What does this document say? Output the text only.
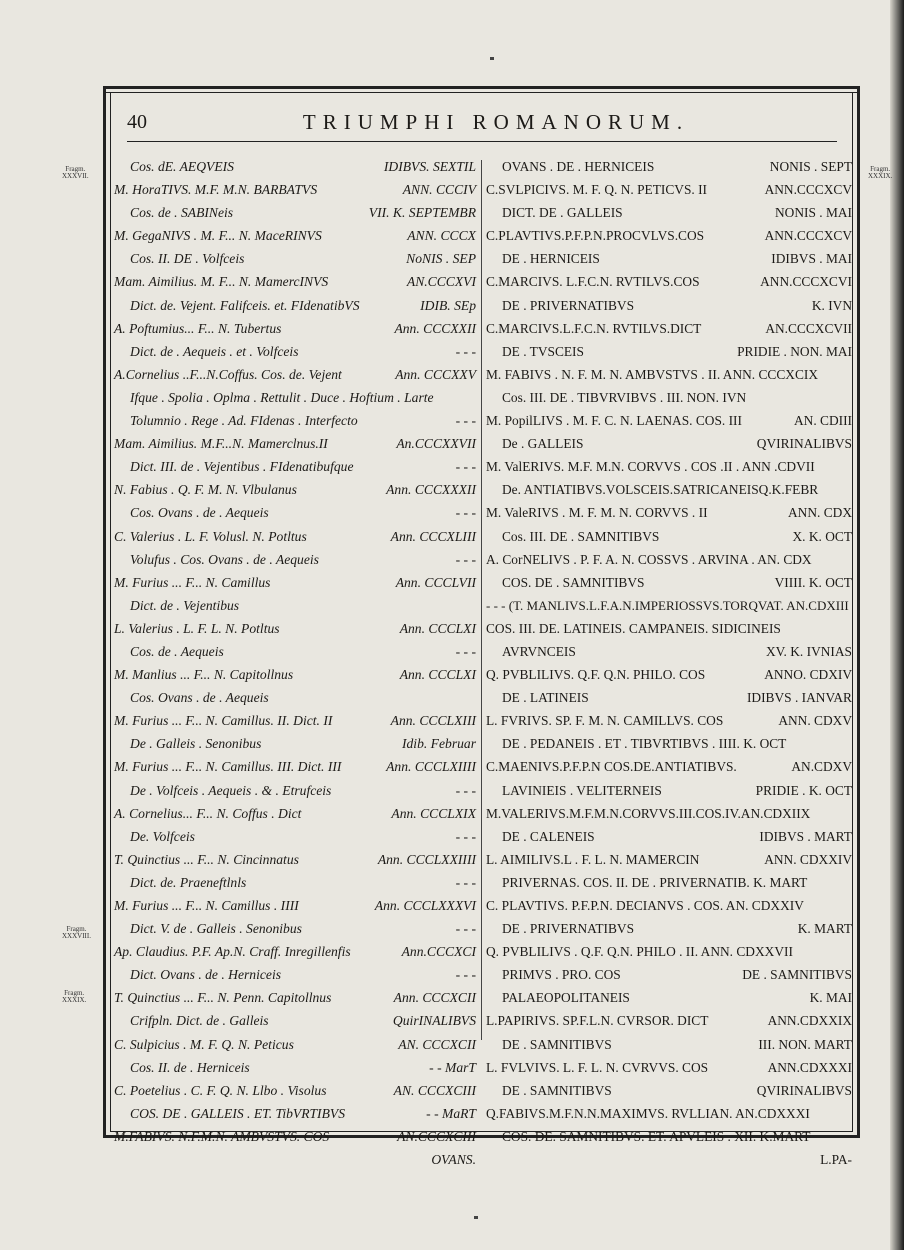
Fragm.
XXXVII.
Fragm.
XXXVIII.
Fragm.
XXXIX.
Fragm.
XXXIX.
40	TRIUMPHI ROMANORUM.
Cos. dE. AEQVEIS	IDIBVS. SEXTIL
M. HoraTIVS. M.F. M.N. BARBATVS	ANN. CCCIV
Cos. de . SABINeis	VII. K. SEPTEMBR
M. GegaNIVS . M. F... N. MaceRINVS	ANN. CCCX
Cos. II. DE . Volfceis	NoNIS . SEP
Mam. Aimilius. M. F... N. MamercINVS	AN.CCCXVI
Dict. de. Vejent. Falifceis. et. FIdenatibVS	IDIB. SEp
A. Poftumius... F... N. Tubertus	Ann. CCCXXII
Dict. de . Aequeis . et . Volfceis	- - -
A.Cornelius ..F...N.Coffus. Cos. de. Vejent	Ann. CCCXXV
Ifque . Spolia . Oplma . Rettulit . Duce . Hoftium . Larte
Tolumnio . Rege . Ad. FIdenas . Interfecto	- - -
Mam. Aimilius. M.F...N. Mamerclnus.II	An.CCCXXVII
Dict. III. de . Vejentibus . FIdenatibufque	- - -
N. Fabius . Q. F. M. N. Vlbulanus	Ann. CCCXXXII
Cos. Ovans . de . Aequeis	- - -
C. Valerius . L. F. Volusl. N. Potltus	Ann. CCCXLIII
Volufus . Cos. Ovans . de . Aequeis	- - -
M. Furius ... F... N. Camillus	Ann. CCCLVII
Dict. de . Vejentibus
L. Valerius . L. F. L. N. Potltus	Ann. CCCLXI
Cos. de . Aequeis	- - -
M. Manlius ... F... N. Capitollnus	Ann. CCCLXI
Cos. Ovans . de . Aequeis
M. Furius ... F... N. Camillus. II. Dict. II	Ann. CCCLXIII
De . Galleis . Senonibus	Idib. Februar
M. Furius ... F... N. Camillus. III. Dict. III	Ann. CCCLXIIII
De . Volfceis . Aequeis . & . Etrufceis	- - -
A. Cornelius... F... N. Coffus . Dict	Ann. CCCLXIX
De. Volfceis	- - -
T. Quinctius ... F... N. Cincinnatus	Ann. CCCLXXIIII
Dict. de. Praeneftlnls	- - -
M. Furius ... F... N. Camillus . IIII	Ann. CCCLXXXVI
Dict. V. de . Galleis . Senonibus	- - -
Ap. Claudius. P.F. Ap.N. Craff. Inregillenfis	Ann.CCCXCI
Dict. Ovans . de . Herniceis	- - -
T. Quinctius ... F... N. Penn. Capitollnus	Ann. CCCXCII
Crifpln. Dict. de . Galleis	QuirINALIBVS
C. Sulpicius . M. F. Q. N. Peticus	AN. CCCXCII
Cos. II. de . Herniceis	- - MarT
C. Poetelius . C. F. Q. N. Llbo . Visolus	AN. CCCXCIII
COS. DE . GALLEIS . ET. TibVRTIBVS	- - MaRT
M.FABIVS. N.F.M.N. AMBVSTVS. COS	AN.CCCXCIII
OVANS.
OVANS . DE . HERNICEIS	NONIS . SEPT
C.SVLPICIVS. M. F. Q. N. PETICVS. II	ANN.CCCXCV
DICT. DE . GALLEIS	NONIS . MAI
C.PLAVTIVS.P.F.P.N.PROCVLVS.COS	ANN.CCCXCV
DE . HERNICEIS	IDIBVS . MAI
C.MARCIVS. L.F.C.N. RVTILVS.COS	ANN.CCCXCVI
DE . PRIVERNATIBVS	K. IVN
C.MARCIVS.L.F.C.N. RVTILVS.DICT	AN.CCCXCVII
DE . TVSCEIS	PRIDIE . NON. MAI
M. FABIVS . N. F. M. N. AMBVSTVS . II. ANN. CCCXCIX
Cos. III. DE . TIBVRVIBVS . III. NON. IVN
M. PopilLIVS . M. F. C. N. LAENAS. COS. III	AN. CDIII
De . GALLEIS	QVIRINALIBVS
M. ValERIVS. M.F. M.N. CORVVS . COS .II . ANN .CDVII
De. ANTIATIBVS.VOLSCEIS.SATRICANEISQ.K.FEBR
M. ValeRIVS . M. F. M. N. CORVVS . II	ANN. CDX
Cos. III. DE . SAMNITIBVS	X. K. OCT
A. CorNELIVS . P. F. A. N. COSSVS . ARVINA . AN. CDX
COS. DE . SAMNITIBVS	VIIII. K. OCT
- - - (T. MANLIVS.L.F.A.N.IMPERIOSSVS.TORQVAT. AN.CDXIII
COS. III. DE. LATINEIS. CAMPANEIS. SIDICINEIS
AVRVNCEIS	XV. K. IVNIAS
Q. PVBLILIVS. Q.F. Q.N. PHILO. COS	ANNO. CDXIV
DE . LATINEIS	IDIBVS . IANVAR
L. FVRIVS. SP. F. M. N. CAMILLVS. COS	ANN. CDXV
DE . PEDANEIS . ET . TIBVRTIBVS . IIII. K. OCT
C.MAENIVS.P.F.P.N COS.DE.ANTIATIBVS.	AN.CDXV
LAVINIEIS . VELITERNEIS	PRIDIE . K. OCT
M.VALERIVS.M.F.M.N.CORVVS.III.COS.IV.AN.CDXIIX
DE . CALENEIS	IDIBVS . MART
L. AIMILIVS.L . F. L. N. MAMERCIN	ANN. CDXXIV
PRIVERNAS. COS. II. DE . PRIVERNATIB. K. MART
C. PLAVTIVS. P.F.P.N. DECIANVS . COS. AN. CDXXIV
DE . PRIVERNATIBVS	K. MART
Q. PVBLILIVS . Q.F. Q.N. PHILO . II. ANN. CDXXVII
PRIMVS . PRO. COS	DE . SAMNITIBVS
PALAEOPOLITANEIS	K. MAI
L.PAPIRIVS. SP.F.L.N. CVRSOR. DICT	ANN.CDXXIX
DE . SAMNITIBVS	III. NON. MART
L. FVLVIVS. L. F. L. N. CVRVVS. COS	ANN.CDXXXI
DE . SAMNITIBVS	QVIRINALIBVS
Q.FABIVS.M.F.N.N.MAXIMVS. RVLLIAN. AN.CDXXXI
COS. DE. SAMNITIBVS. ET. APVLEIS . XII. K.MART
L.PA-
